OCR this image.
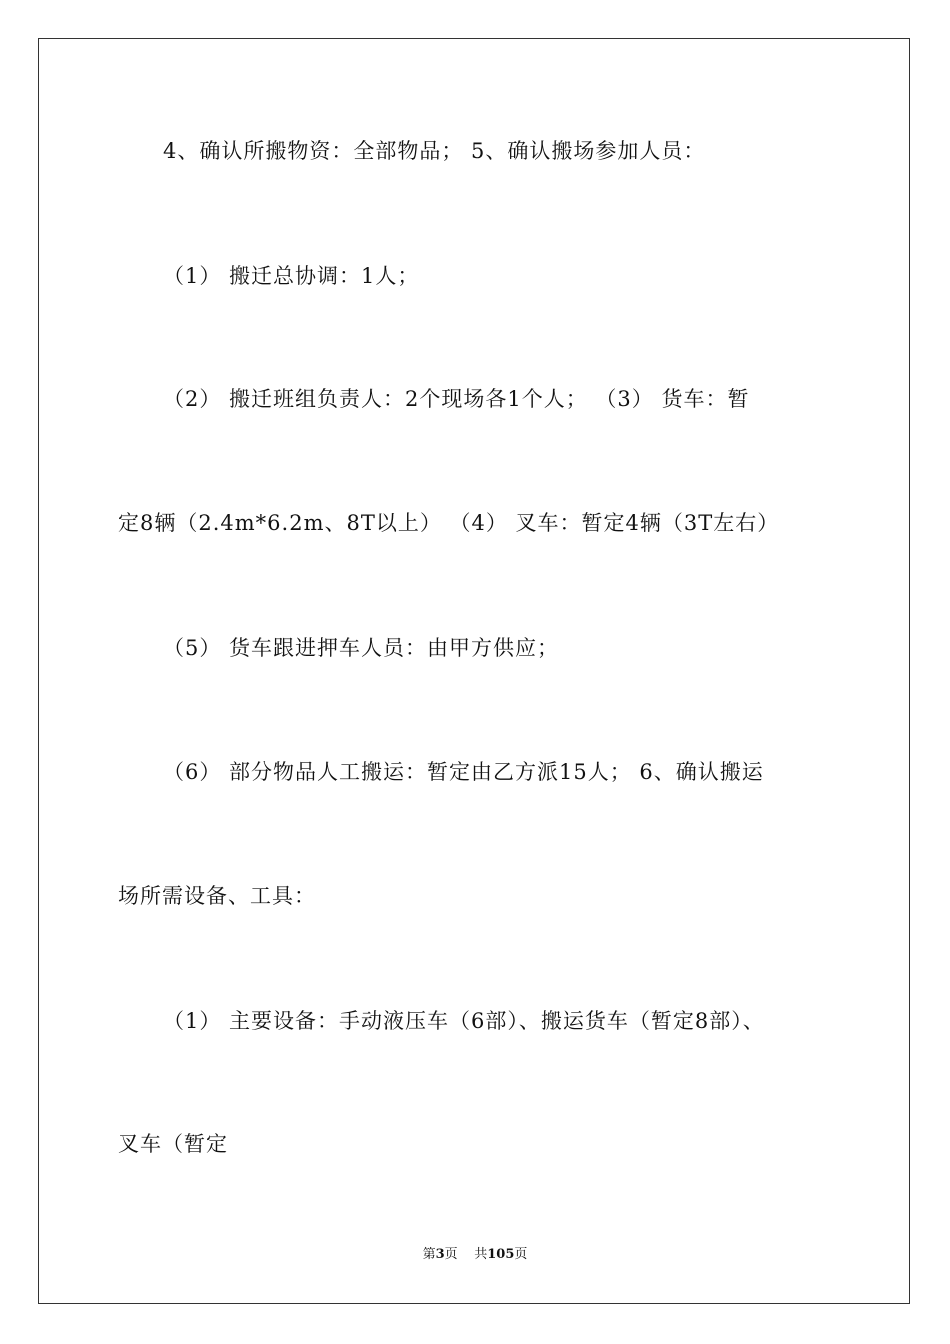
4、确认所搬物资：全部物品； 5、确认搬场参加人员：
（1） 搬迁总协调：1人；
（2） 搬迁班组负责人：2个现场各1个人； （3） 货车：暂
定8辆（2.4m*6.2m、8T以上） （4） 叉车：暂定4辆（3T左右）
（5） 货车跟进押车人员：由甲方供应；
（6） 部分物品人工搬运：暂定由乙方派15人； 6、确认搬运
场所需设备、工具：
（1） 主要设备：手动液压车（6部）、搬运货车（暂定8部）、
叉车（暂定
第3页 共105页
